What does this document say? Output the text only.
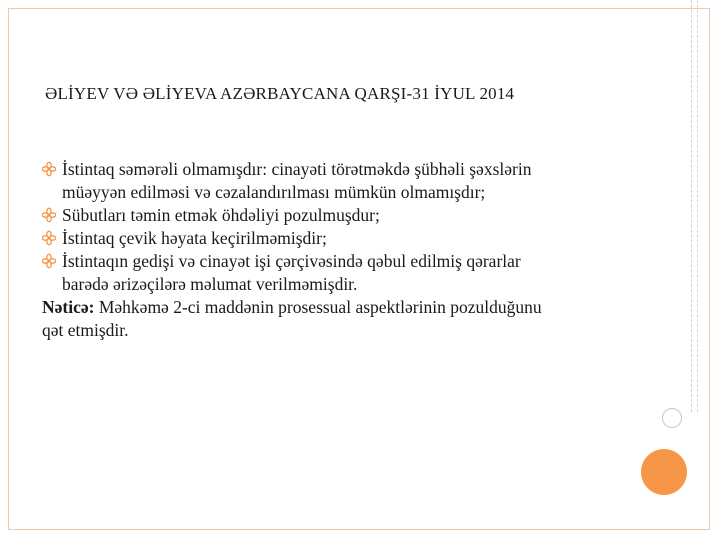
ƏLİYEV VƏ ƏLİYEVA AZƏRBAYCANA QARŞI-31 İYUL 2014
İstintaq səmərəli olmamışdır: cinayəti törətməkdə şübhəli şəxslərin
müəyyən edilməsi və cəzalandırılması mümkün olmamışdır;
Sübutları təmin etmək öhdəliyi pozulmuşdur;
İstintaq çevik həyata keçirilməmişdir;
İstintaqın gedişi və cinayət işi çərçivəsində qəbul edilmiş qərarlar
barədə ərizəçilərə məlumat verilməmişdir.
Nəticə: Məhkəmə 2-ci maddənin prosessual aspektlərinin pozulduğunu
qət etmişdir.
